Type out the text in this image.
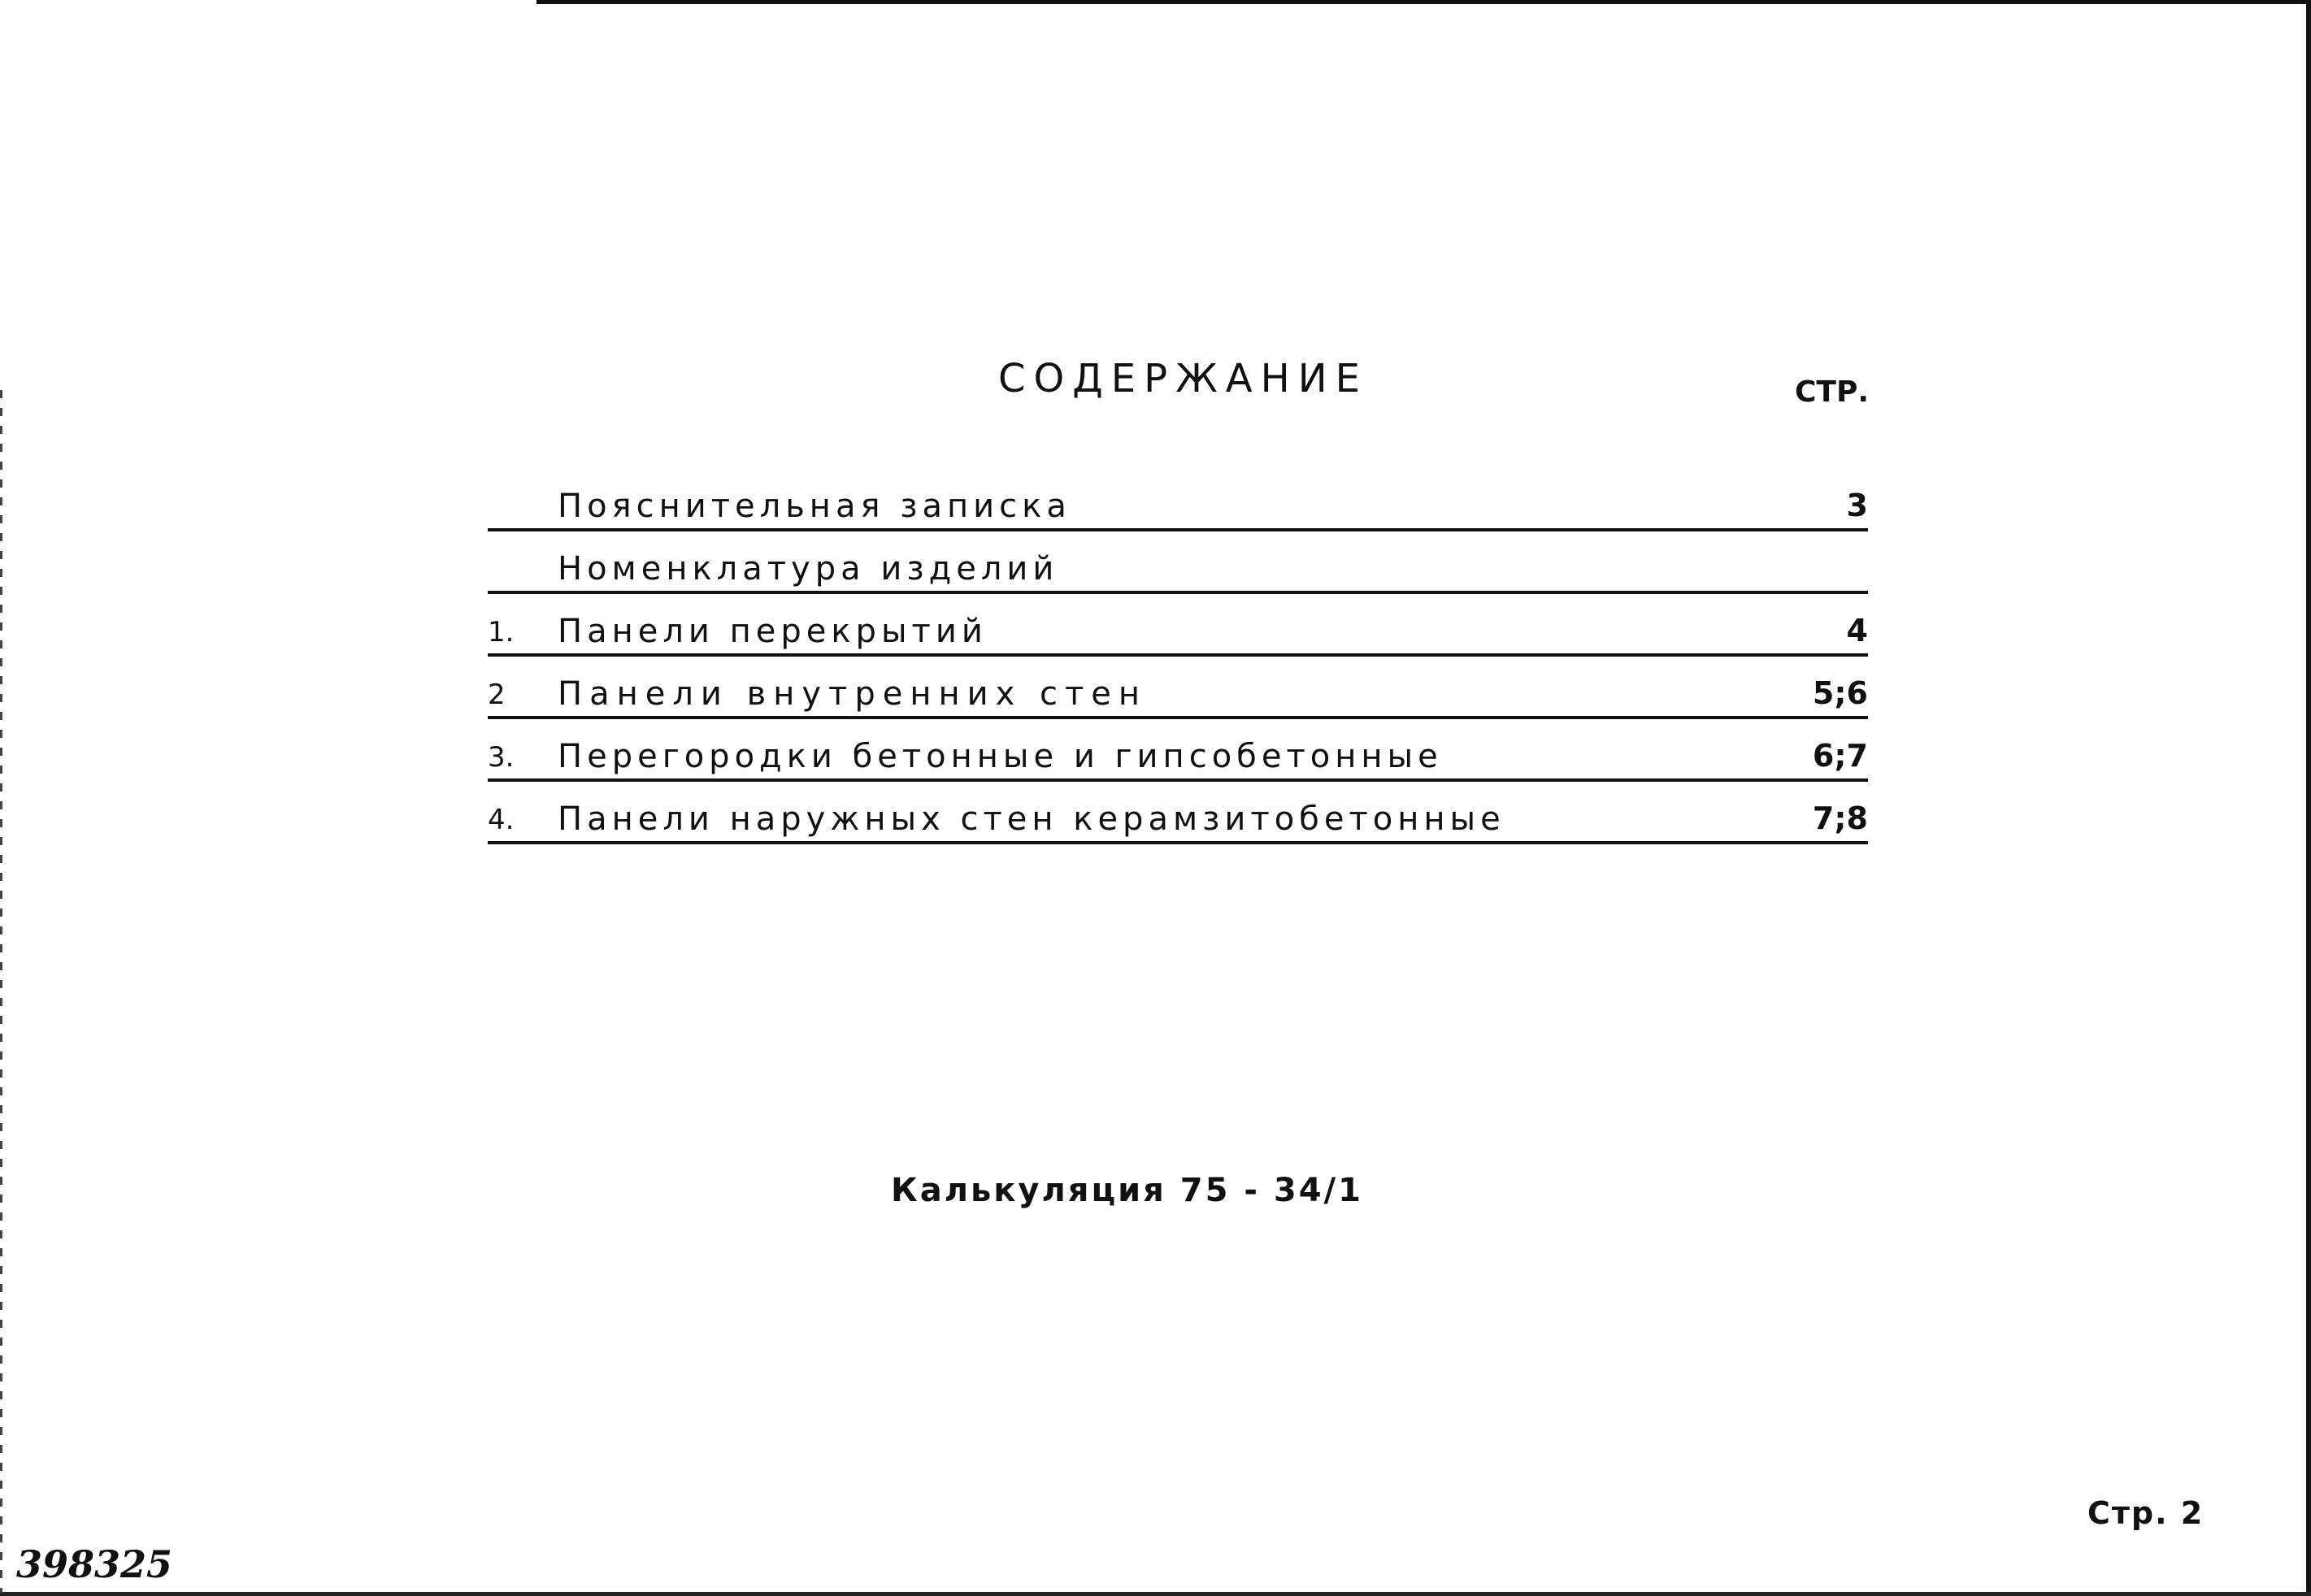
СОДЕРЖАНИЕ	СТР.
Пояснительная записка	3
Номенклатура изделий
1. Панели перекрытий	4
2 Панели внутренних стен	5;6
3. Перегородки бетонные и гипсобетонные	6;7
4. Панели наружных стен керамзитобетонные	7;8
Калькуляция 75 - 34/1
Стр. 2
398325
